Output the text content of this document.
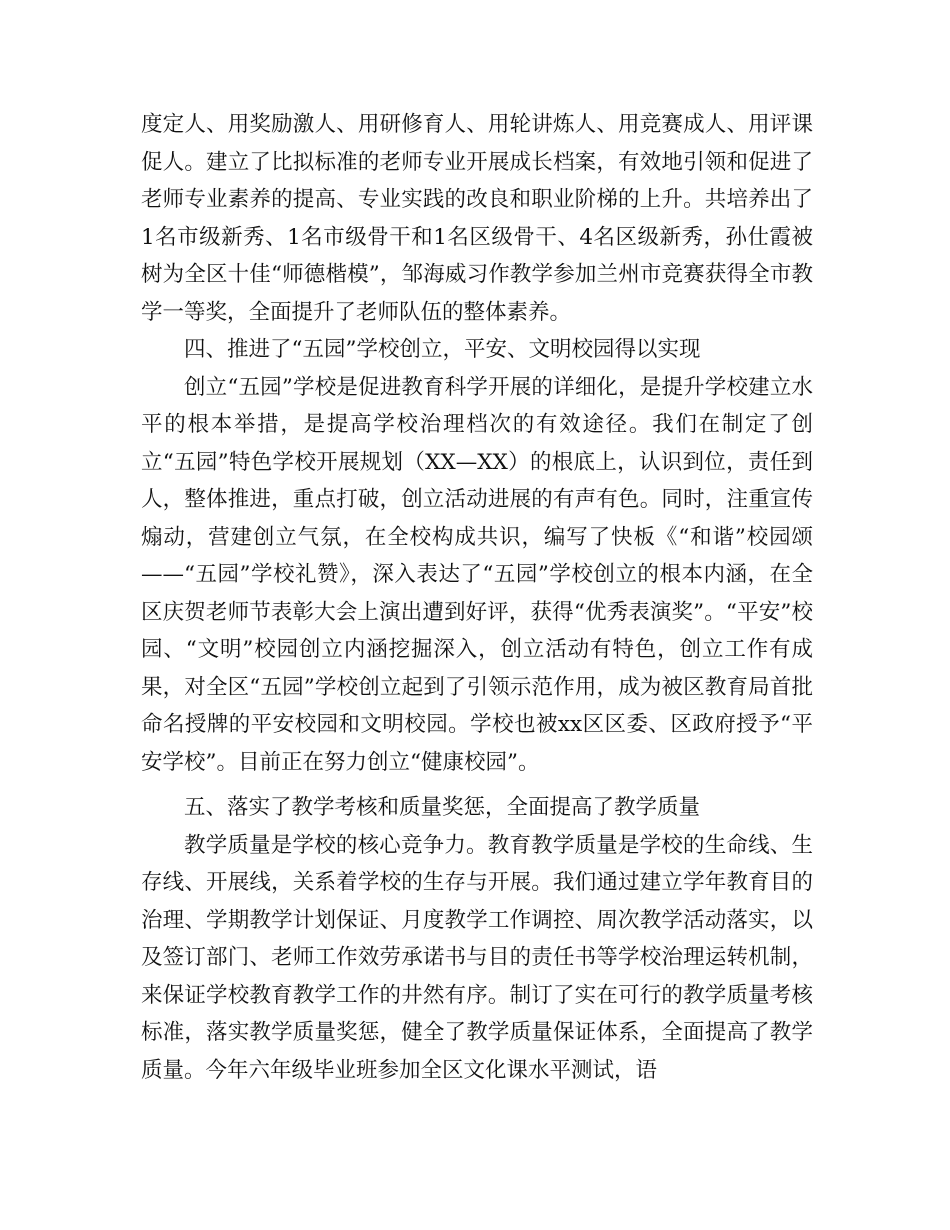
度定人、用奖励激人、用研修育人、用轮讲炼人、用竞赛成人、用评课促人。建立了比拟标准的老师专业开展成长档案，有效地引领和促进了老师专业素养的提高、专业实践的改良和职业阶梯的上升。共培养出了1名市级新秀、1名市级骨干和1名区级骨干、4名区级新秀，孙仕霞被树为全区十佳“师德楷模”，邹海威习作教学参加兰州市竞赛获得全市教学一等奖，全面提升了老师队伍的整体素养。

四、推进了“五园”学校创立，平安、文明校园得以实现

创立“五园”学校是促进教育科学开展的详细化，是提升学校建立水平的根本举措，是提高学校治理档次的有效途径。我们在制定了创立“五园”特色学校开展规划（XX—XX）的根底上，认识到位，责任到人，整体推进，重点打破，创立活动进展的有声有色。同时，注重宣传煽动，营建创立气氛，在全校构成共识，编写了快板《“和谐”校园颂——“五园”学校礼赞》，深入表达了“五园”学校创立的根本内涵，在全区庆贺老师节表彰大会上演出遭到好评，获得“优秀表演奖”。“平安”校园、“文明”校园创立内涵挖掘深入，创立活动有特色，创立工作有成果，对全区“五园”学校创立起到了引领示范作用，成为被区教育局首批命名授牌的平安校园和文明校园。学校也被xx区区委、区政府授予“平安学校”。目前正在努力创立“健康校园”。

五、落实了教学考核和质量奖惩，全面提高了教学质量

教学质量是学校的核心竞争力。教育教学质量是学校的生命线、生存线、开展线，关系着学校的生存与开展。我们通过建立学年教育目的治理、学期教学计划保证、月度教学工作调控、周次教学活动落实，以及签订部门、老师工作效劳承诺书与目的责任书等学校治理运转机制，来保证学校教育教学工作的井然有序。制订了实在可行的教学质量考核标准，落实教学质量奖惩，健全了教学质量保证体系，全面提高了教学质量。今年六年级毕业班参加全区文化课水平测试，语
